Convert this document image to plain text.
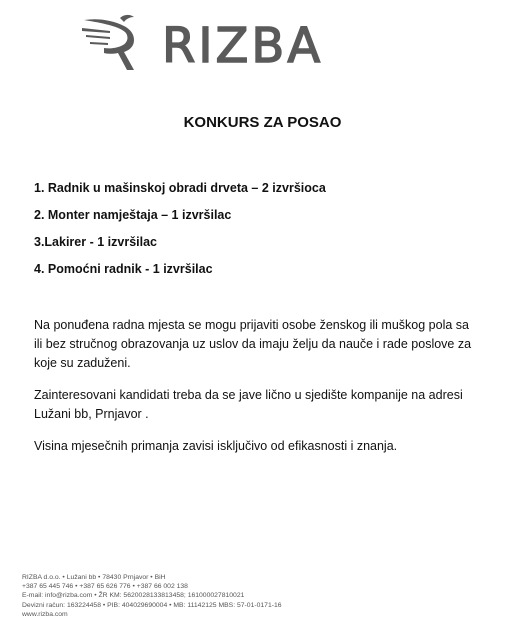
RIZBA
KONKURS ZA POSAO
1. Radnik u mašinskoj obradi drveta – 2 izvršioca
2. Monter namještaja – 1 izvršilac
3.Lakirer - 1 izvršilac
4. Pomoćni radnik - 1 izvršilac

Na ponuđena radna mjesta se mogu prijaviti osobe ženskog ili muškog pola sa ili bez stručnog obrazovanja uz uslov da imaju želju da nauče i rade poslove za koje su zaduženi.

Zainteresovani kandidati treba da se jave lično u sjedište kompanije na adresi Lužani bb, Prnjavor .

Visina mjesečnih primanja zavisi isključivo od efikasnosti i znanja.

RIZBA d.o.o. • Lužani bb • 78430 Prnjavor • BiH
+387 65 445 746 • +387 65 626 776 • +387 66 002 138
E-mail: info@rizba.com • ŽR KM: 5620028133813458; 1610000278100​21
Devizni račun: 163224458 • PIB: 404029690004 • MB: 11142125 MBS: 57-01-0171-16
www.rizba.com
